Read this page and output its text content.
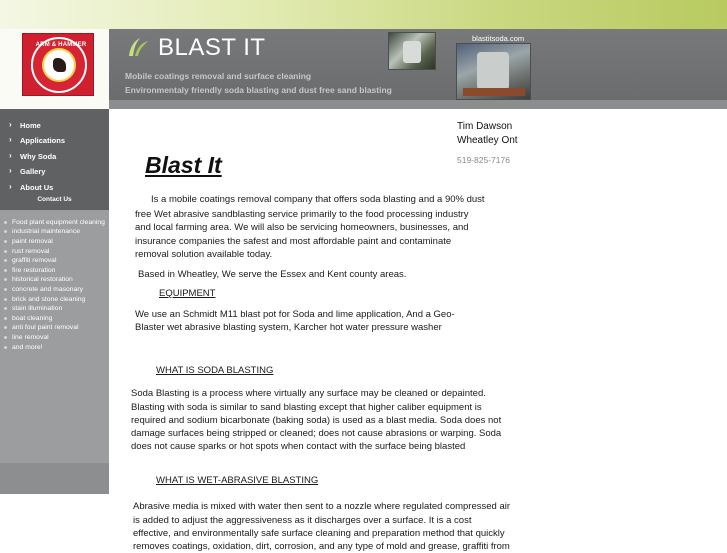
ARM & HAMMER	BLAST IT
Mobile coatings removal and surface cleaning
Environmentaly friendly soda blasting and dust free sand blasting
blastitsoda.com
› Home
› Applications
› Why Soda
› Gallery
› About Us
Contact Us
Food plant equipment cleaning
industrial maintenance
paint removal
rust removal
graffiti removal
fire restoration
historical restoration
concrete and masonary
brick and stone cleaning
stain illumination
boat cleaning
anti foul paint removal
line removal
and more!
Tim Dawson
Wheatley Ont
519-825-7176
Blast It
Is a mobile coatings removal company that offers soda blasting and a 90% dust
free Wet abrasive sandblasting service primarily to the food processing industry
and local farming area. We will also be servicing homeowners, businesses, and
insurance companies the safest and most affordable paint and contaminate
removal solution available today.
Based in Wheatley, We serve the Essex and Kent county areas.
EQUIPMENT
We use an Schmidt M11 blast pot for Soda and lime application, And a Geo-
Blaster wet abrasive blasting system, Karcher hot water pressure washer
WHAT IS SODA BLASTING
Soda Blasting is a process where virtually any surface may be cleaned or depainted.
Blasting with soda is similar to sand blasting except that higher caliber equipment is
required and sodium bicarbonate (baking soda) is used as a blast media. Soda does not
damage surfaces being stripped or cleaned; does not cause abrasions or warping. Soda
does not cause sparks or hot spots when contact with the surface being blasted
WHAT IS WET-ABRASIVE BLASTING
Abrasive media is mixed with water then sent to a nozzle where regulated compressed air
is added to adjust the aggressiveness as it discharges over a surface. It is a cost
effective, and environmentally safe surface cleaning and preparation method that quickly
removes coatings, oxidation, dirt, corrosion, and any type of mold and grease, graffiti from
